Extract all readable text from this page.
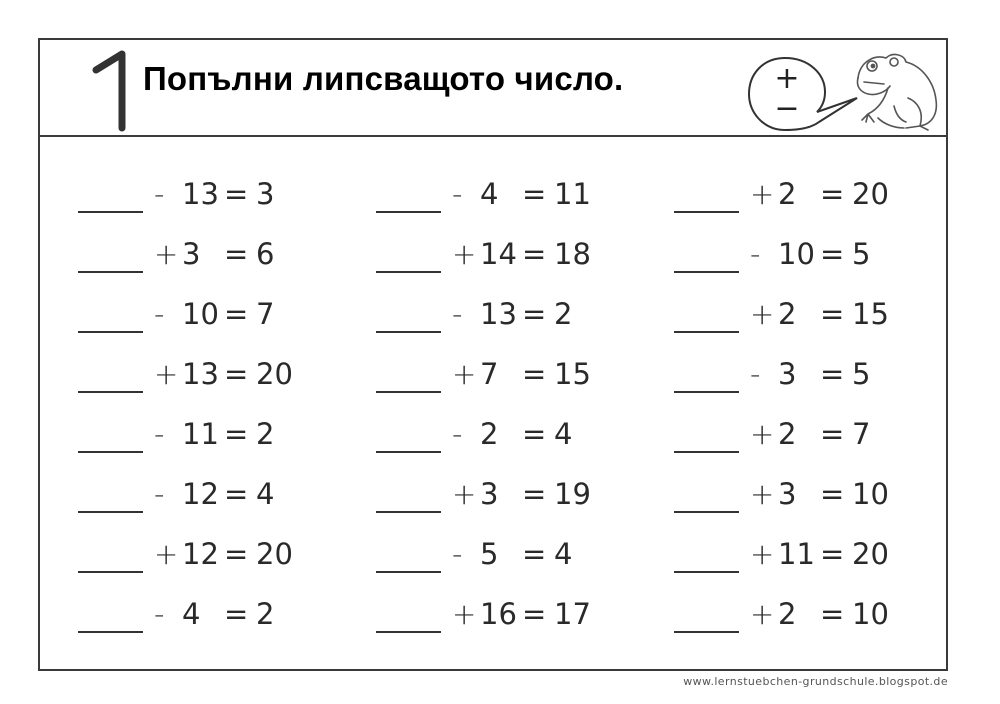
Попълни липсващото число.	+
−
- 13 = 3
+ 3 = 6
- 10 = 7
+ 13 = 20
- 11 = 2
- 12 = 4
+ 12 = 20
- 4 = 2
- 4 = 11
+ 14 = 18
- 13 = 2
+ 7 = 15
- 2 = 4
+ 3 = 19
- 5 = 4
+ 16 = 17
+ 2 = 20
- 10 = 5
+ 2 = 15
- 3 = 5
+ 2 = 7
+ 3 = 10
+ 11 = 20
+ 2 = 10
www.lernstuebchen-grundschule.blogspot.de
